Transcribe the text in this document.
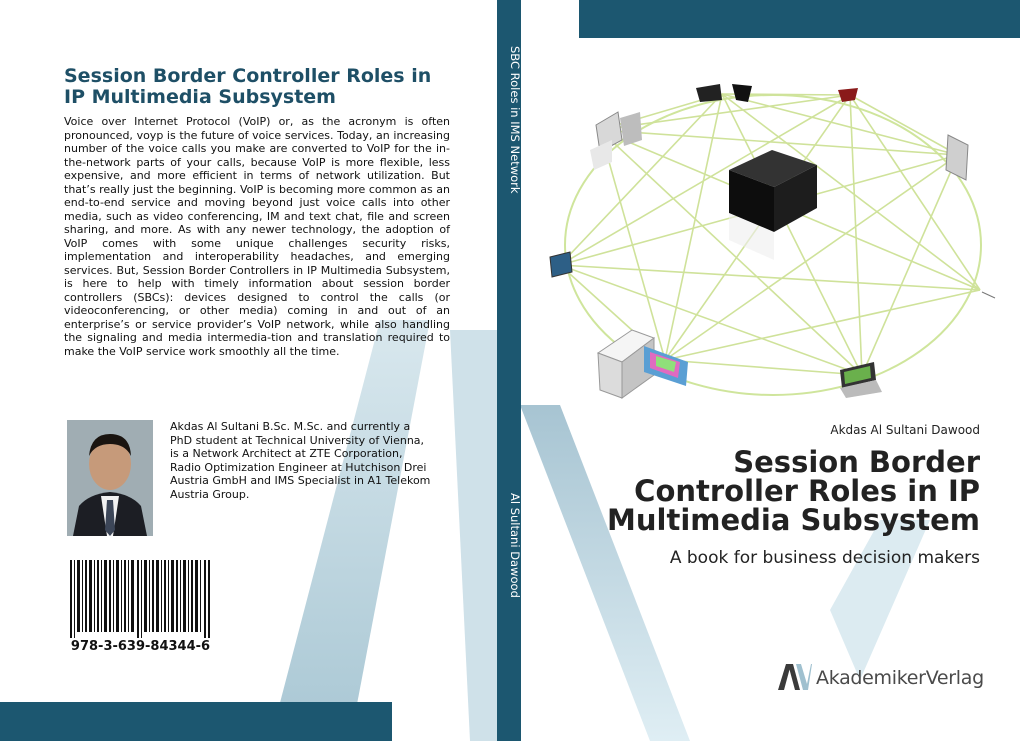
Session Border Controller Roles in IP Multimedia Subsystem
Voice over Internet Protocol (VoIP) or, as the acronym is often pronounced, voyp is the future of voice services. Today, an increasing number of the voice calls you make are converted to VoIP for the in-the-network parts of your calls, because VoIP is more flexible, less expensive, and more efficient in terms of network utilization. But that’s really just the beginning. VoIP is becoming more common as an end-to-end service and moving beyond just voice calls into other media, such as video conferencing, IM and text chat, file and screen sharing, and more. As with any newer technology, the adoption of VoIP comes with some unique challenges security risks, implementation and interoperability headaches, and emerging services. But, Session Border Controllers in IP Multimedia Subsystem, is here to help with timely information about session border controllers (SBCs): devices designed to control the calls (or videoconferencing, or other media) coming in and out of an enterprise’s or service provider’s VoIP network, while also handling the signaling and media intermedia-tion and translation required to make the VoIP service work smoothly all the time.
Akdas Al Sultani B.Sc. M.Sc. and currently a PhD student at Technical University of Vienna, is a Network Architect at ZTE Corporation, Radio Optimization Engineer at Hutchison Drei Austria GmbH and IMS Specialist in A1 Telekom Austria Group.
978-3-639-84344-6
SBC Roles in IMS Network
Al Sultani Dawood
Akdas Al Sultani Dawood
Session Border Controller Roles in IP Multimedia Subsystem
A book for business decision makers
AkademikerVerlag
